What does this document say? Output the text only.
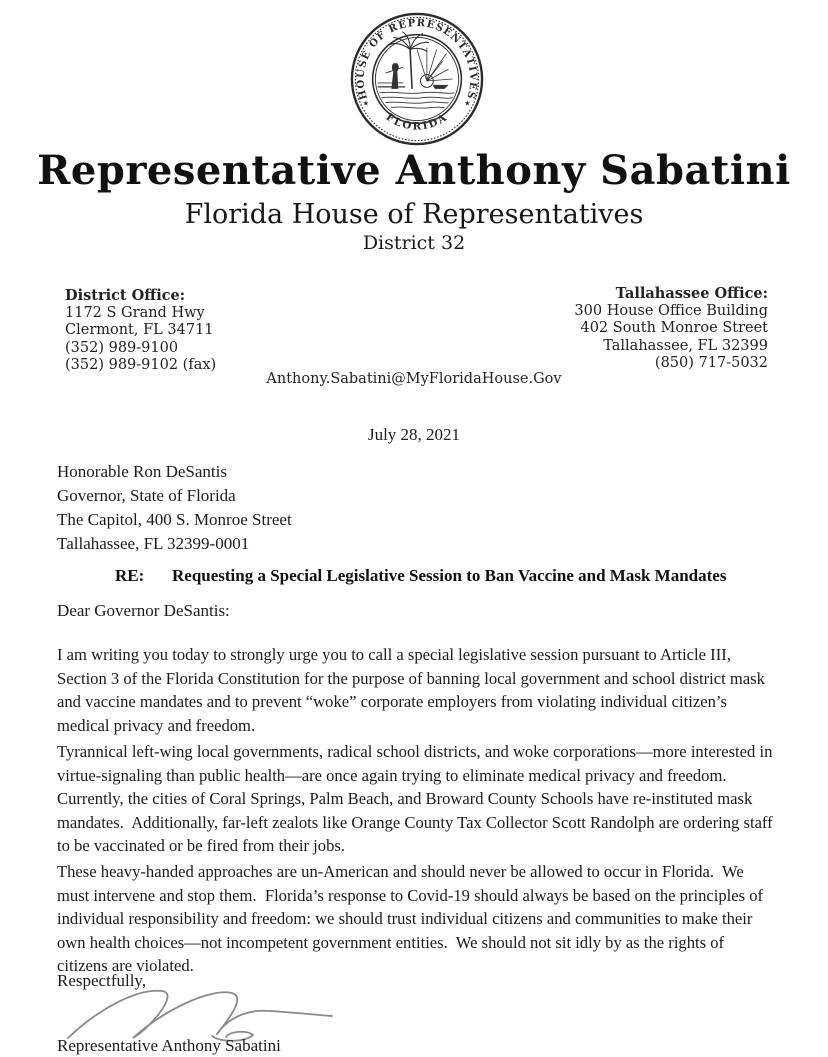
HOUSE OF REPRESENTATIVES
FLORIDA
★	★
Representative Anthony Sabatini
Florida House of Representatives
District 32
District Office:
1172 S Grand Hwy
Clermont, FL 34711
(352) 989-9100
(352) 989-9102 (fax)
Tallahassee Office:
300 House Office Building
402 South Monroe Street
Tallahassee, FL 32399
(850) 717-5032
Anthony.Sabatini@MyFloridaHouse.Gov
July 28, 2021
Honorable Ron DeSantis
Governor, State of Florida
The Capitol, 400 S. Monroe Street
Tallahassee, FL 32399-0001
RE:	Requesting a Special Legislative Session to Ban Vaccine and Mask Mandates
Dear Governor DeSantis:
I am writing you today to strongly urge you to call a special legislative session pursuant to Article III, Section 3 of the Florida Constitution for the purpose of banning local government and school district mask and vaccine mandates and to prevent “woke” corporate employers from violating individual citizen’s medical privacy and freedom.
Tyrannical left-wing local governments, radical school districts, and woke corporations—more interested in virtue-signaling than public health—are once again trying to eliminate medical privacy and freedom.  Currently, the cities of Coral Springs, Palm Beach, and Broward County Schools have re-instituted mask mandates.  Additionally, far-left zealots like Orange County Tax Collector Scott Randolph are ordering staff to be vaccinated or be fired from their jobs.
These heavy-handed approaches are un-American and should never be allowed to occur in Florida.  We must intervene and stop them.  Florida’s response to Covid-19 should always be based on the principles of individual responsibility and freedom: we should trust individual citizens and communities to make their own health choices—not incompetent government entities.  We should not sit idly by as the rights of citizens are violated.
Respectfully,
Representative Anthony Sabatini
